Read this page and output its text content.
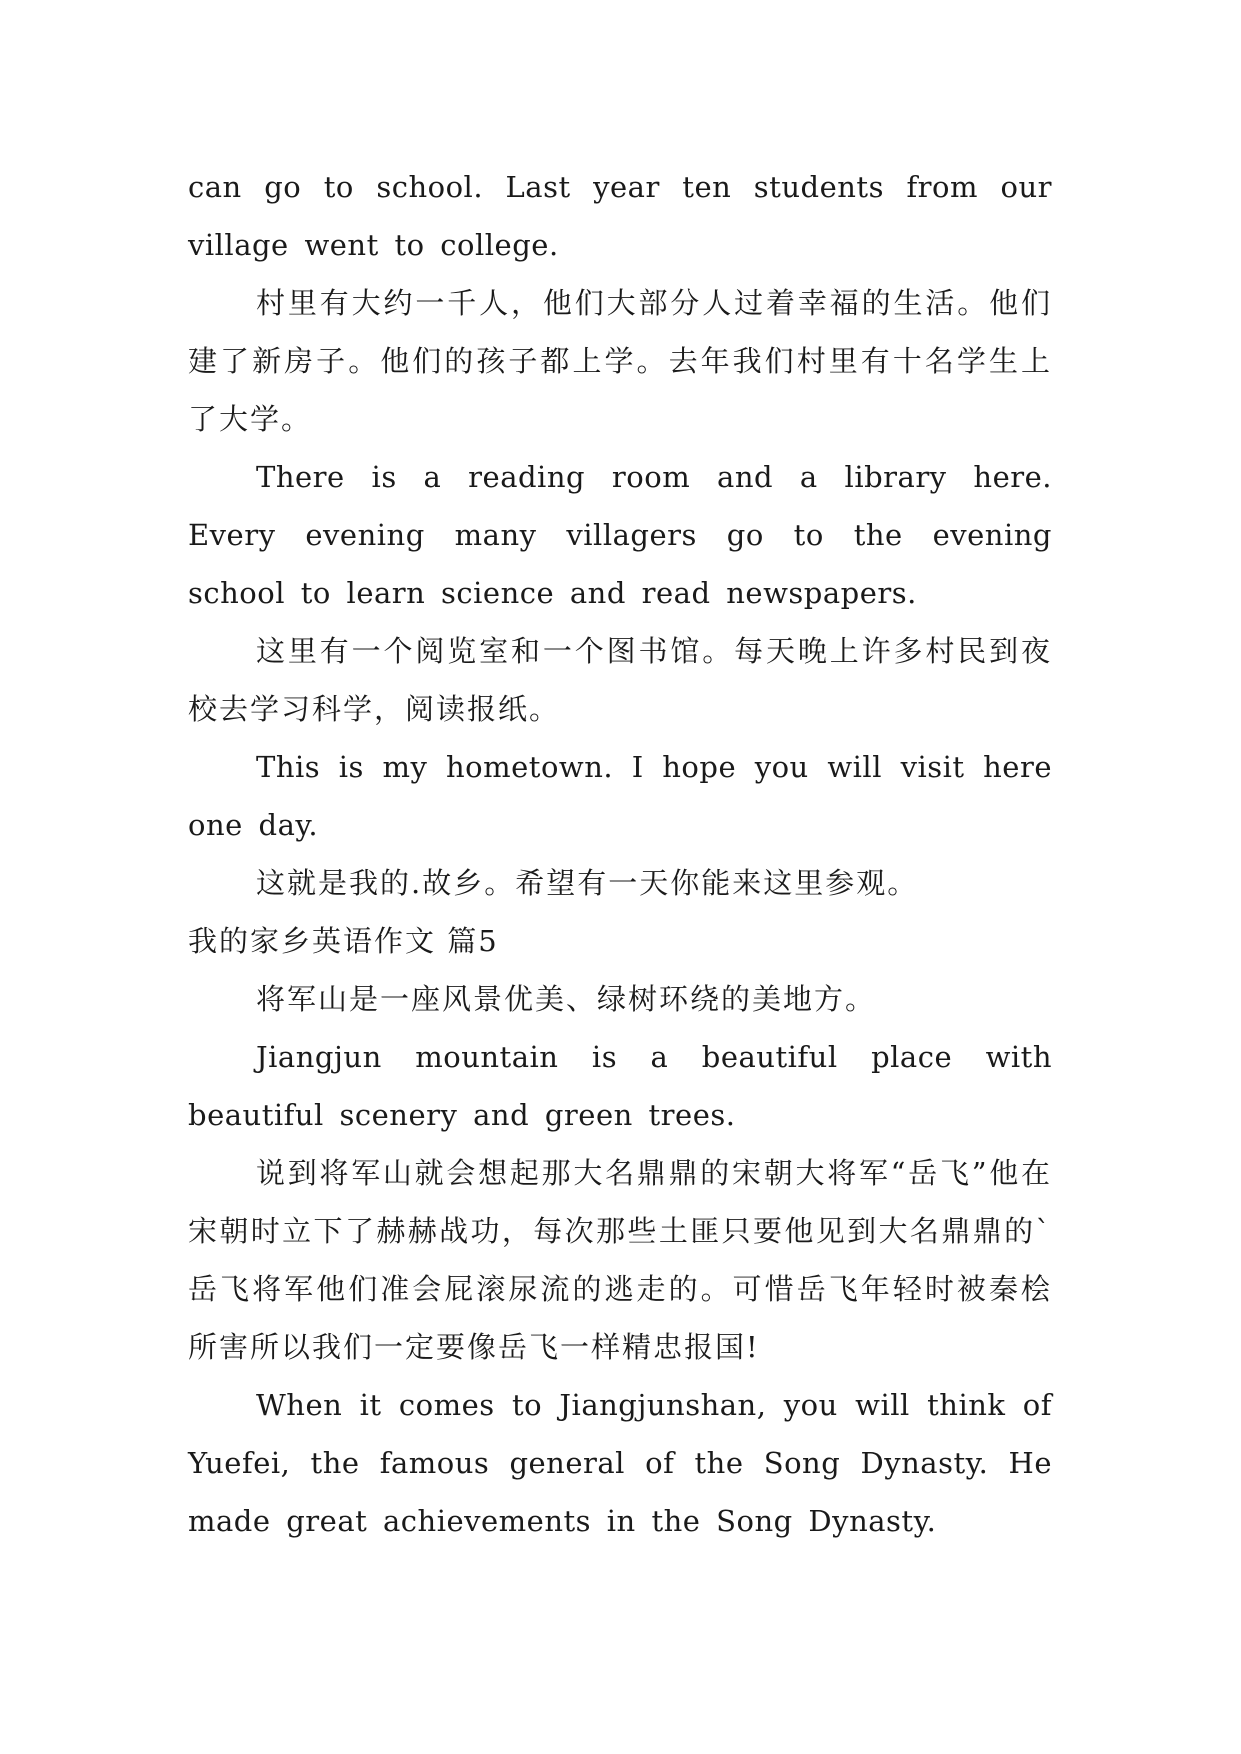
can go to school. Last year ten students from our village went to college.

村里有大约一千人，他们大部分人过着幸福的生活。他们建了新房子。他们的孩子都上学。去年我们村里有十名学生上了大学。

There is a reading room and a library here. Every evening many villagers go to the evening school to learn science and read newspapers.

这里有一个阅览室和一个图书馆。每天晚上许多村民到夜校去学习科学，阅读报纸。

This is my hometown. I hope you will visit here one day.

这就是我的.故乡。希望有一天你能来这里参观。

我的家乡英语作文 篇5

将军山是一座风景优美、绿树环绕的美地方。

Jiangjun mountain is a beautiful place with beautiful scenery and green trees.

说到将军山就会想起那大名鼎鼎的宋朝大将军“岳飞”他在宋朝时立下了赫赫战功，每次那些土匪只要他见到大名鼎鼎的`岳飞将军他们准会屁滚尿流的逃走的。可惜岳飞年轻时被秦桧所害所以我们一定要像岳飞一样精忠报国!

When it comes to Jiangjunshan, you will think of Yuefei, the famous general of the Song Dynasty. He made great achievements in the Song Dynasty.
